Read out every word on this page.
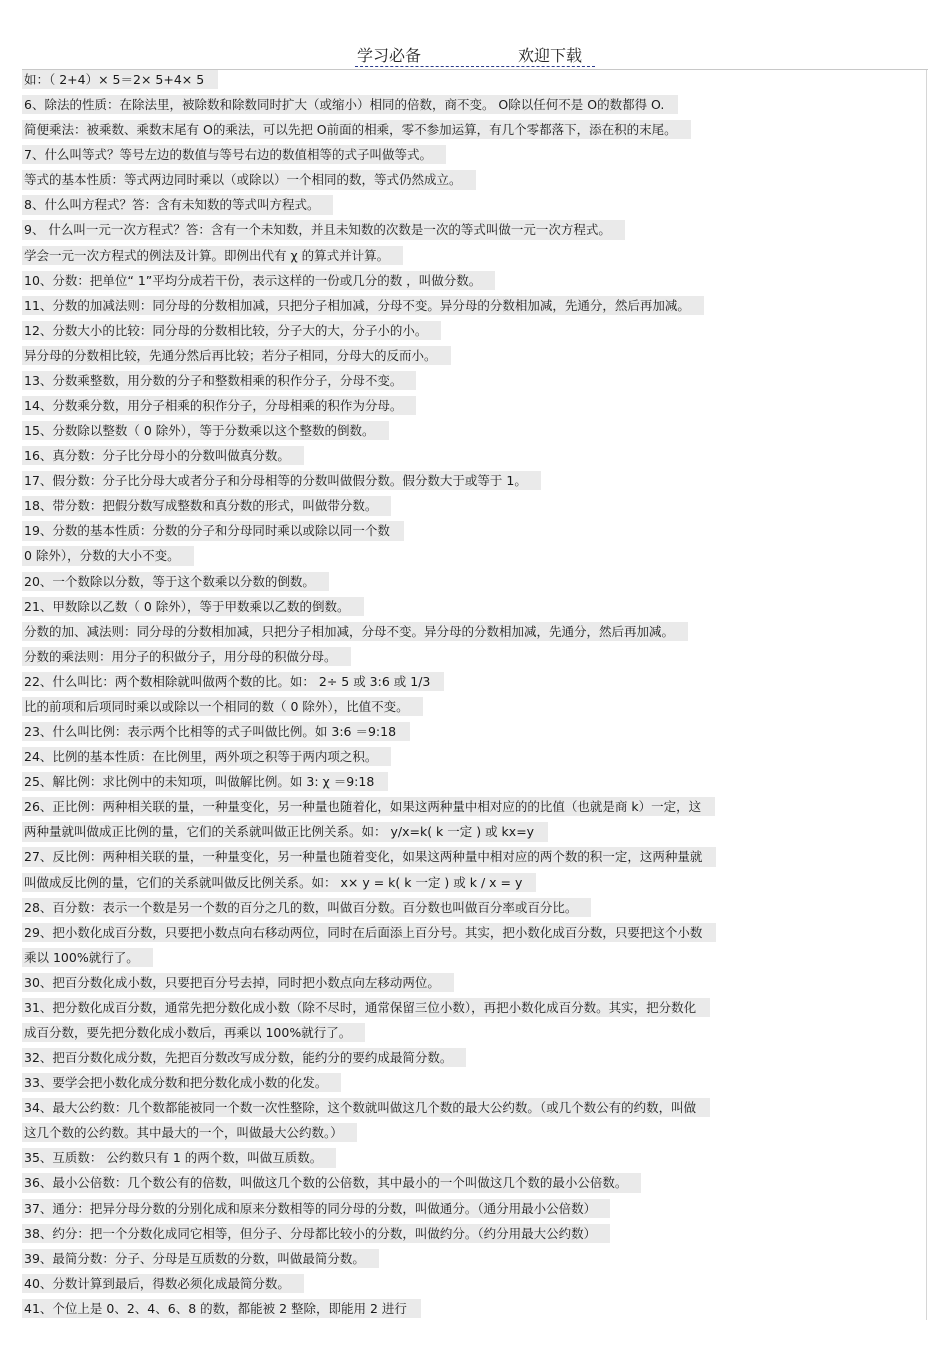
学习必备	欢迎下载
如：（ 2+4）× 5＝2× 5+4× 5
6、除法的性质：在除法里，被除数和除数同时扩大（或缩小）相同的倍数，商不变。 O除以任何不是 O的数都得 O.
简便乘法：被乘数、乘数末尾有 O的乘法，可以先把 O前面的相乘，零不参加运算，有几个零都落下，添在积的末尾。
7、什么叫等式？等号左边的数值与等号右边的数值相等的式子叫做等式。
等式的基本性质：等式两边同时乘以（或除以）一个相同的数，等式仍然成立。
8、什么叫方程式？答：含有未知数的等式叫方程式。
9、 什么叫一元一次方程式？答：含有一个未知数，并且未知数的次数是一次的等式叫做一元一次方程式。
学会一元一次方程式的例法及计算。即例出代有 χ 的算式并计算。
10、分数：把单位“ 1”平均分成若干份，表示这样的一份或几分的数 ，叫做分数。
11、分数的加减法则：同分母的分数相加减，只把分子相加减，分母不变。异分母的分数相加减，先通分，然后再加减。
12、分数大小的比较：同分母的分数相比较，分子大的大，分子小的小。
异分母的分数相比较，先通分然后再比较；若分子相同，分母大的反而小。
13、分数乘整数，用分数的分子和整数相乘的积作分子，分母不变。
14、分数乘分数，用分子相乘的积作分子，分母相乘的积作为分母。
15、分数除以整数（ 0 除外），等于分数乘以这个整数的倒数。
16、真分数：分子比分母小的分数叫做真分数。
17、假分数：分子比分母大或者分子和分母相等的分数叫做假分数。假分数大于或等于 1。
18、带分数：把假分数写成整数和真分数的形式，叫做带分数。
19、分数的基本性质：分数的分子和分母同时乘以或除以同一个数
0 除外），分数的大小不变。
20、一个数除以分数，等于这个数乘以分数的倒数。
21、甲数除以乙数（ 0 除外），等于甲数乘以乙数的倒数。
分数的加、减法则：同分母的分数相加减，只把分子相加减，分母不变。异分母的分数相加减，先通分，然后再加减。
分数的乘法则：用分子的积做分子，用分母的积做分母。
22、什么叫比：两个数相除就叫做两个数的比。如： 2÷ 5 或 3:6 或 1/3
比的前项和后项同时乘以或除以一个相同的数（ 0 除外），比值不变。
23、什么叫比例：表示两个比相等的式子叫做比例。如 3:6 ＝9:18
24、比例的基本性质：在比例里，两外项之积等于两内项之积。
25、解比例：求比例中的未知项，叫做解比例。如 3: χ ＝9:18
26、正比例：两种相关联的量，一种量变化，另一种量也随着化，如果这两种量中相对应的的比值（也就是商 k）一定，这
两种量就叫做成正比例的量，它们的关系就叫做正比例关系。如： y/x=k( k 一定 ) 或 kx=y
27、反比例：两种相关联的量，一种量变化，另一种量也随着变化，如果这两种量中相对应的两个数的积一定，这两种量就
叫做成反比例的量，它们的关系就叫做反比例关系。如： x× y = k( k 一定 ) 或 k / x = y
28、百分数：表示一个数是另一个数的百分之几的数，叫做百分数。百分数也叫做百分率或百分比。
29、把小数化成百分数，只要把小数点向右移动两位，同时在后面添上百分号。其实，把小数化成百分数，只要把这个小数
乘以 100%就行了。
30、把百分数化成小数，只要把百分号去掉，同时把小数点向左移动两位。
31、把分数化成百分数，通常先把分数化成小数（除不尽时，通常保留三位小数），再把小数化成百分数。其实，把分数化
成百分数，要先把分数化成小数后，再乘以 100%就行了。
32、把百分数化成分数，先把百分数改写成分数，能约分的要约成最简分数。
33、要学会把小数化成分数和把分数化成小数的化发。
34、最大公约数：几个数都能被同一个数一次性整除，这个数就叫做这几个数的最大公约数。（或几个数公有的约数，叫做
这几个数的公约数。其中最大的一个，叫做最大公约数。）
35、互质数： 公约数只有 1 的两个数，叫做互质数。
36、最小公倍数：几个数公有的倍数，叫做这几个数的公倍数，其中最小的一个叫做这几个数的最小公倍数。
37、通分：把异分母分数的分别化成和原来分数相等的同分母的分数，叫做通分。（通分用最小公倍数）
38、约分：把一个分数化成同它相等，但分子、分母都比较小的分数，叫做约分。（约分用最大公约数）
39、最简分数：分子、分母是互质数的分数，叫做最简分数。
40、分数计算到最后，得数必须化成最简分数。
41、个位上是 0、2、4、6、8 的数，都能被 2 整除，即能用 2 进行
